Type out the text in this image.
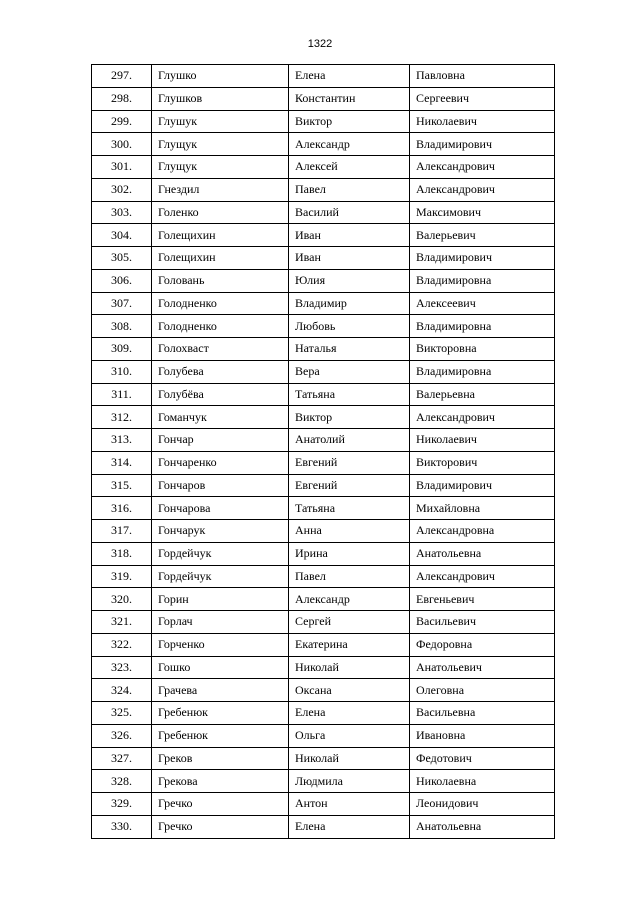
1322
297.	Глушко	Елена	Павловна
298.	Глушков	Константин	Сергеевич
299.	Глушук	Виктор	Николаевич
300.	Глущук	Александр	Владимирович
301.	Глущук	Алексей	Александрович
302.	Гнездил	Павел	Александрович
303.	Голенко	Василий	Максимович
304.	Голещихин	Иван	Валерьевич
305.	Голещихин	Иван	Владимирович
306.	Головань	Юлия	Владимировна
307.	Голодненко	Владимир	Алексеевич
308.	Голодненко	Любовь	Владимировна
309.	Голохваст	Наталья	Викторовна
310.	Голубева	Вера	Владимировна
311.	Голубёва	Татьяна	Валерьевна
312.	Гоманчук	Виктор	Александрович
313.	Гончар	Анатолий	Николаевич
314.	Гончаренко	Евгений	Викторович
315.	Гончаров	Евгений	Владимирович
316.	Гончарова	Татьяна	Михайловна
317.	Гончарук	Анна	Александровна
318.	Гордейчук	Ирина	Анатольевна
319.	Гордейчук	Павел	Александрович
320.	Горин	Александр	Евгеньевич
321.	Горлач	Сергей	Васильевич
322.	Горченко	Екатерина	Федоровна
323.	Гошко	Николай	Анатольевич
324.	Грачева	Оксана	Олеговна
325.	Гребенюк	Елена	Васильевна
326.	Гребенюк	Ольга	Ивановна
327.	Греков	Николай	Федотович
328.	Грекова	Людмила	Николаевна
329.	Гречко	Антон	Леонидович
330.	Гречко	Елена	Анатольевна
